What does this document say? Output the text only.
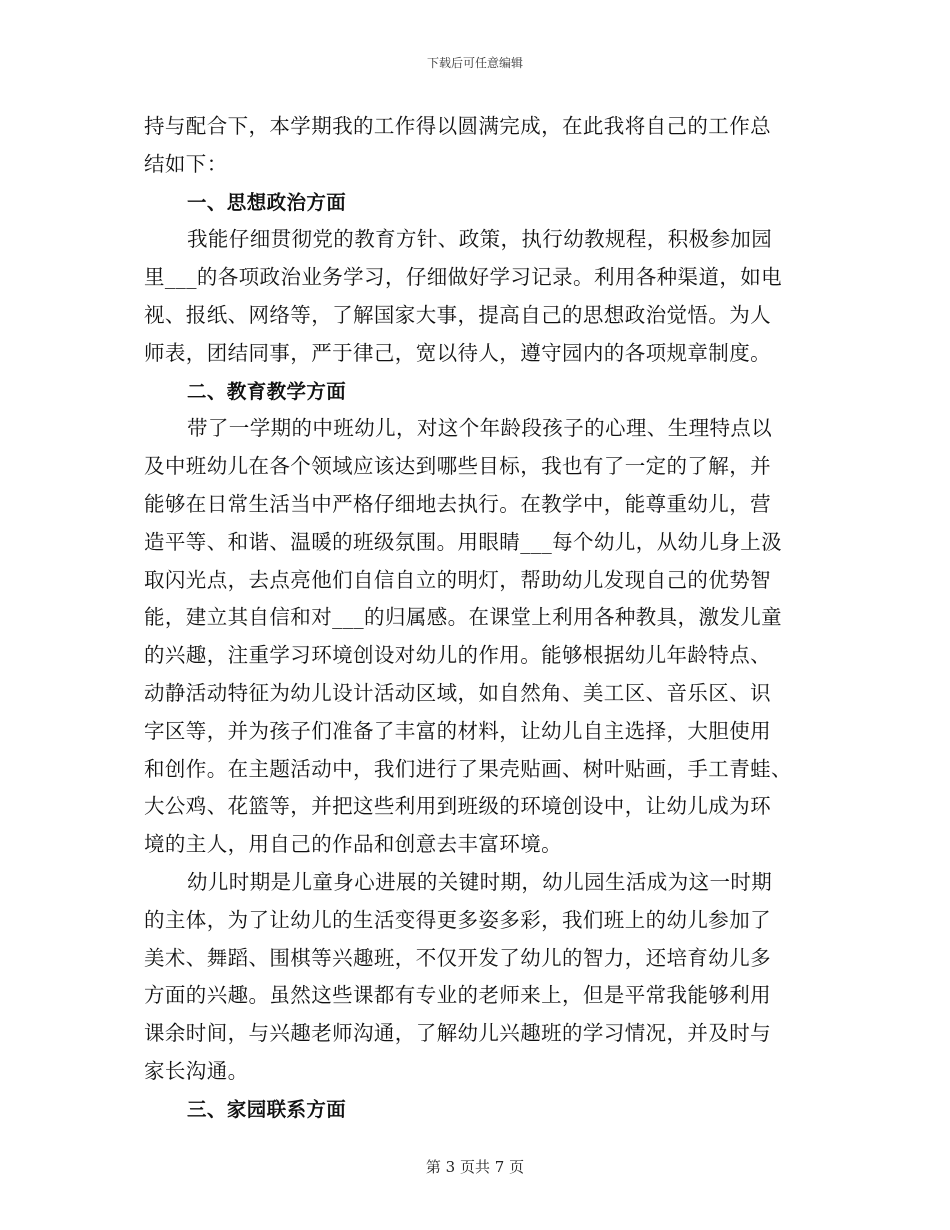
下载后可任意编辑
持与配合下，本学期我的工作得以圆满完成，在此我将自己的工作总
结如下：
一、思想政治方面
我能仔细贯彻党的教育方针、政策，执行幼教规程，积极参加园
里___的各项政治业务学习，仔细做好学习记录。利用各种渠道，如电
视、报纸、网络等，了解国家大事，提高自己的思想政治觉悟。为人
师表，团结同事，严于律己，宽以待人，遵守园内的各项规章制度。
二、教育教学方面
带了一学期的中班幼儿，对这个年龄段孩子的心理、生理特点以
及中班幼儿在各个领域应该达到哪些目标，我也有了一定的了解，并
能够在日常生活当中严格仔细地去执行。在教学中，能尊重幼儿，营
造平等、和谐、温暖的班级氛围。用眼睛___每个幼儿，从幼儿身上汲
取闪光点，去点亮他们自信自立的明灯，帮助幼儿发现自己的优势智
能，建立其自信和对___的归属感。在课堂上利用各种教具，激发儿童
的兴趣，注重学习环境创设对幼儿的作用。能够根据幼儿年龄特点、
动静活动特征为幼儿设计活动区域，如自然角、美工区、音乐区、识
字区等，并为孩子们准备了丰富的材料，让幼儿自主选择，大胆使用
和创作。在主题活动中，我们进行了果壳贴画、树叶贴画，手工青蛙、
大公鸡、花篮等，并把这些利用到班级的环境创设中，让幼儿成为环
境的主人，用自己的作品和创意去丰富环境。
幼儿时期是儿童身心进展的关键时期，幼儿园生活成为这一时期
的主体，为了让幼儿的生活变得更多姿多彩，我们班上的幼儿参加了
美术、舞蹈、围棋等兴趣班，不仅开发了幼儿的智力，还培育幼儿多
方面的兴趣。虽然这些课都有专业的老师来上，但是平常我能够利用
课余时间，与兴趣老师沟通，了解幼儿兴趣班的学习情况，并及时与
家长沟通。
三、家园联系方面
第 3 页共 7 页
